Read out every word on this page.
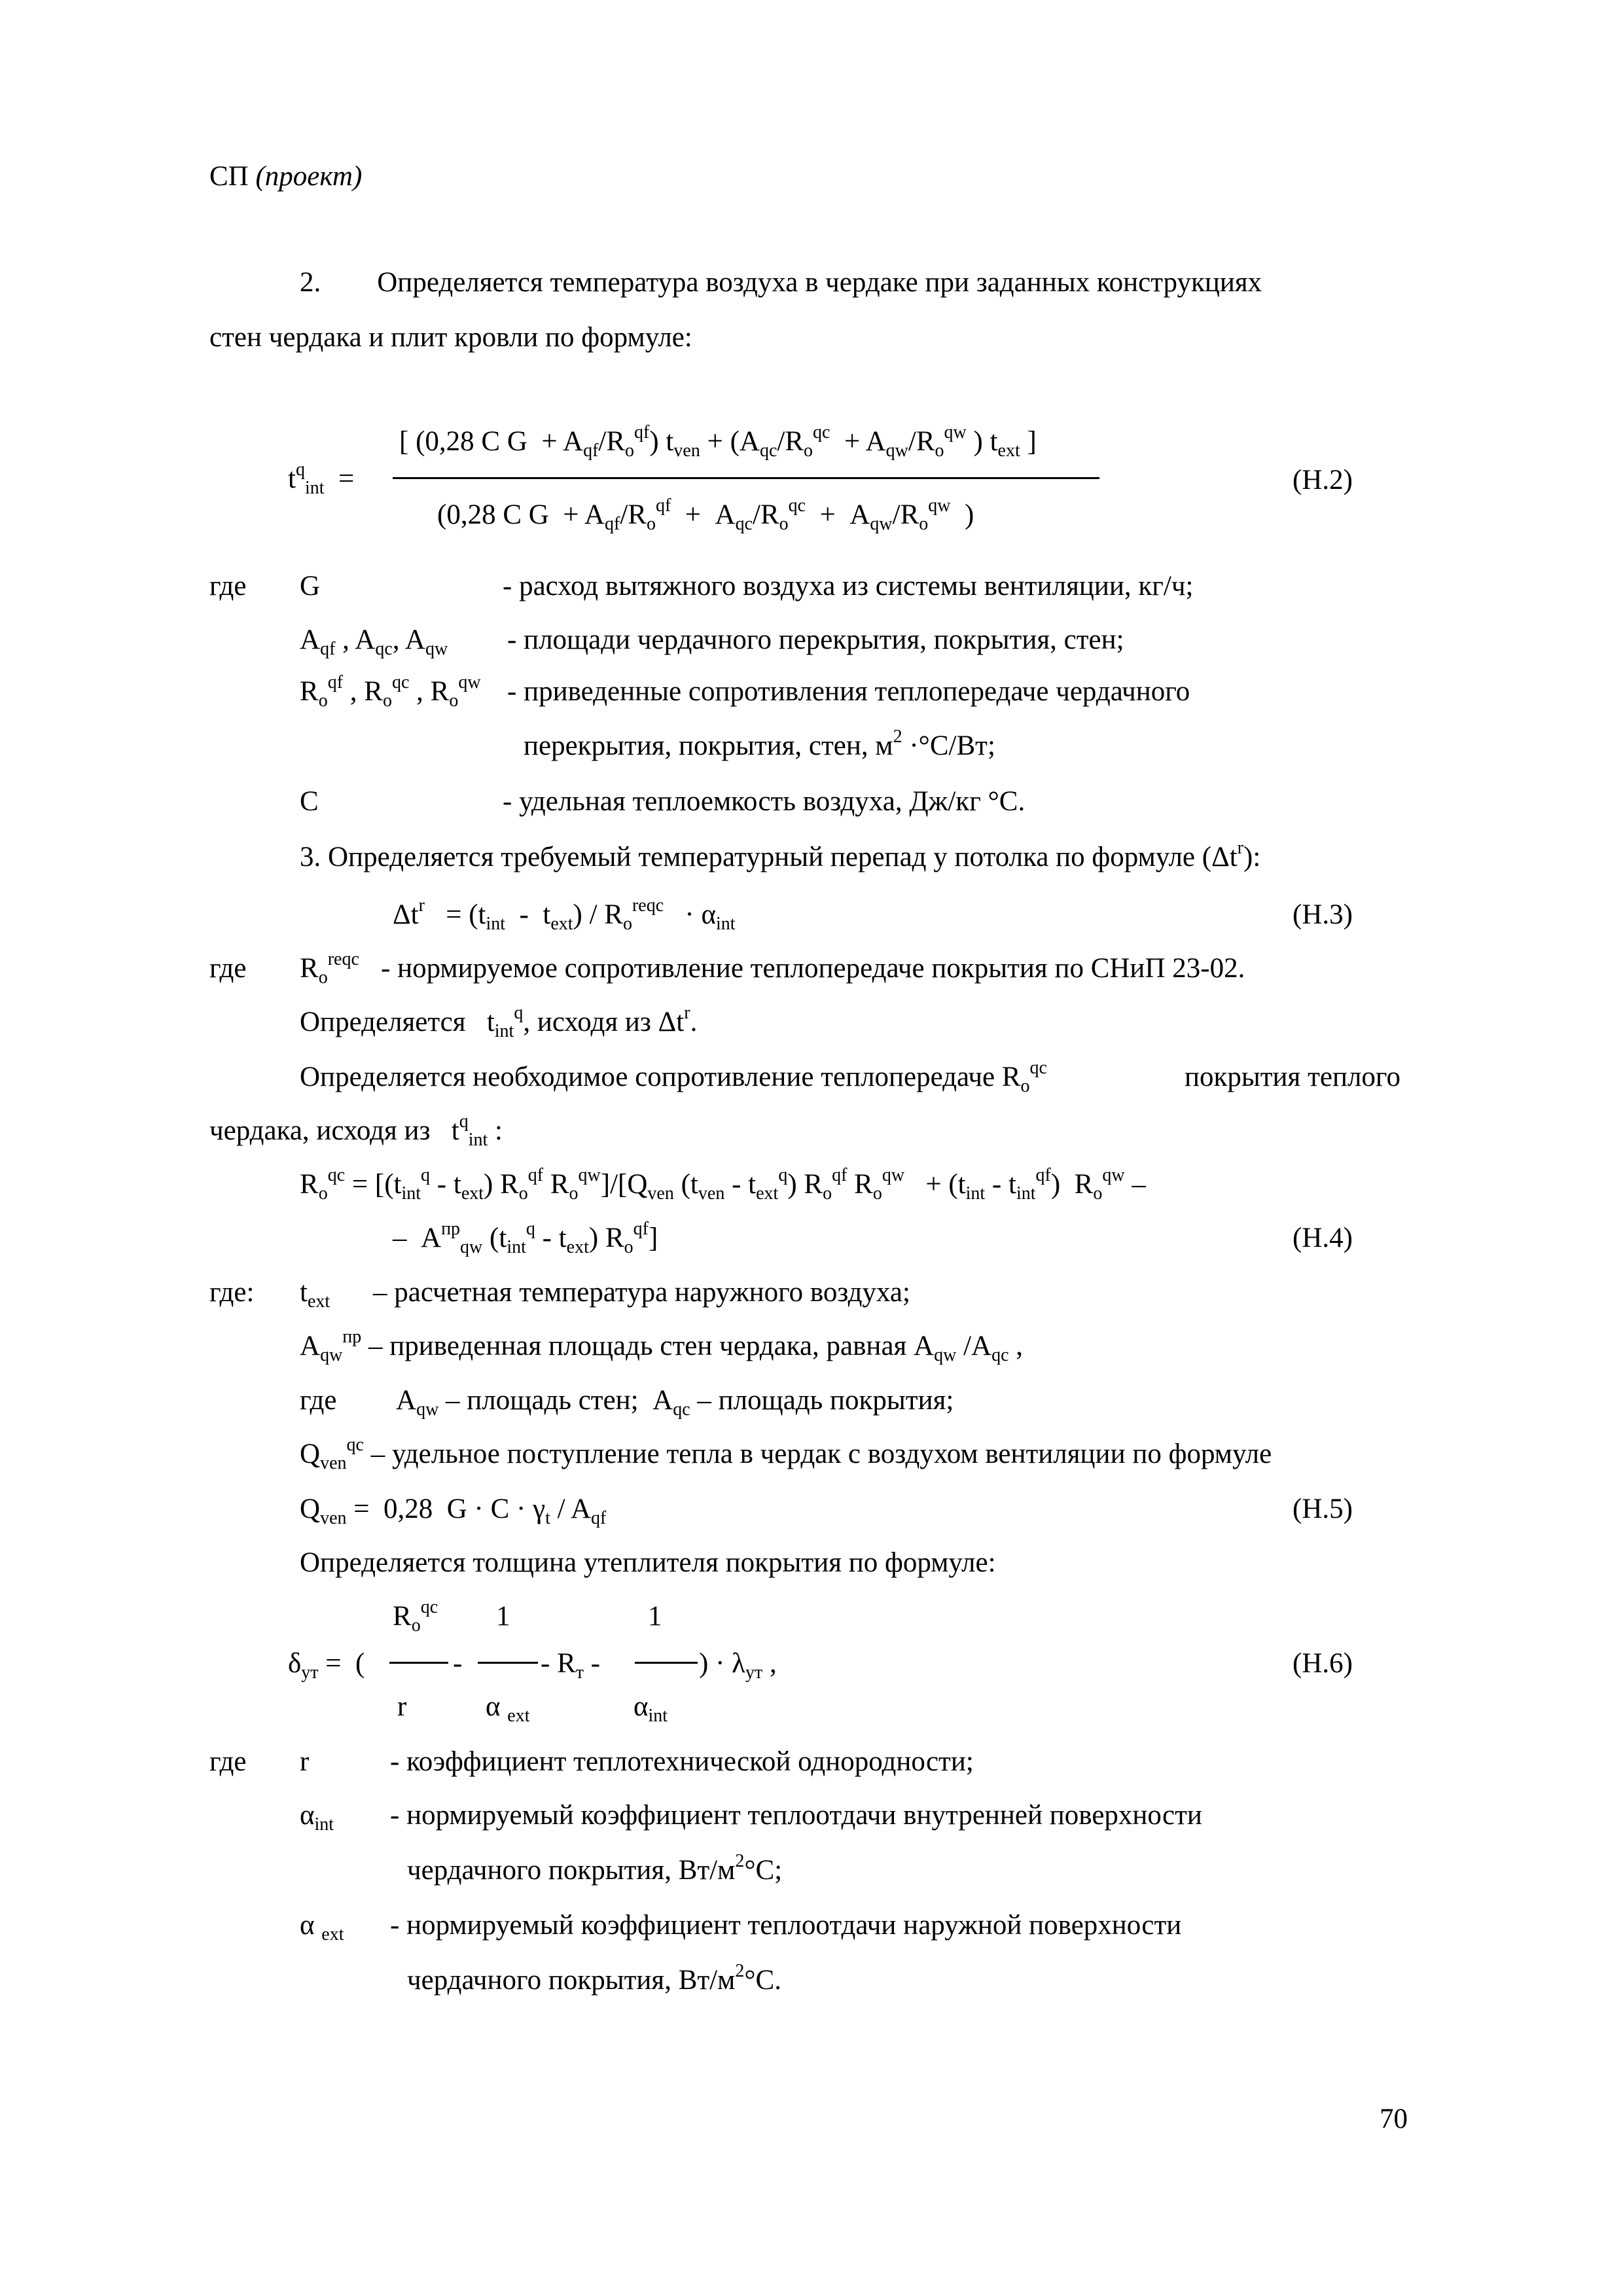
СП (проект)
2.  Определяется температура воздуха в чердаке при заданных конструкциях
стен чердака и плит кровли по формуле:
$t^q_{int}$  =
[ (0,28 C $G + A_{qf}/R_o^{qf}$) $t_{ven} + (A_{qc}/R_o^{qc} + A_{qw}/R_o^{qw}$ ) $t_{ext}$ ]
(0,28 C $G + A_{qf}/R_o^{qf} + A_{qc}/R_o^{qc} + A_{qw}/R_o^{qw}$  )
(Н.2)
где G	- расход вытяжного воздуха из системы вентиляции, кг/ч;
$A_{qf}$ , $A_{qc}$, $A_{qw}$ - площади чердачного перекрытия, покрытия, стен;
$R_o^{qf}$ , $R_o^{qc}$ , $R_o^{qw}$ - приведенные сопротивления теплопередаче чердачного
перекрытия, покрытия, стен, $м^2 \cdot^\circ С/Вт$;
C	- удельная теплоемкость воздуха, Дж/кг °С.
3. Определяется требуемый температурный перепад у потолка по формуле $(\Delta t^r)$:
$\Delta t^r = (t_{int} - t_{ext}) / R_o^{reqc} \cdot \alpha_{int}$	(Н.3)
где $R_o^{reqc}$ - нормируемое сопротивление теплопередаче покрытия по СНиП 23-02.
Определяется   $t_{int}^q$, исходя из $\Delta t^r$.
Определяется необходимое сопротивление теплопередаче $R_o^{qc}$	покрытия теплого
чердака, исходя из   $t^q_{int}$ :
$R_o^{qc} = [(t_{int}^q - t_{ext})$ $R_o^{qf}$ $R_o^{qw}]/[Q_{ven}$ $(t_{ven} - t_{ext}^q)$ $R_o^{qf}$ $R_o^{qw} + (t_{int} - t_{int}^{qf})$  $R_o^{qw}$ –
–  $A^{пр}_{qw}$ $(t_{int}^q - t_{ext})$ $R_o^{qf}$]	(Н.4)
где: $t_{ext}$ – расчетная температура наружного воздуха;
$A_{qw}^{пр}$ – приведенная площадь стен чердака, равная $A_{qw}$ $/A_{qc}$ ,
где $A_{qw}$ – площадь стен;  $A_{qc}$ – площадь покрытия;
$Q_{ven}^{qc}$ – удельное поступление тепла в чердак с воздухом вентиляции по формуле
$Q_{ven} = 0,28$  $G \cdot C \cdot \gamma_t / A_{qf}$	(Н.5)
Определяется толщина утеплителя покрытия по формуле:
$R_o^{qc}$ 1	1
$\delta_{ут}$ =  (	-	- $R_т$ -	) · $\lambda_{ут}$ ,
r	α $_{ext}$	$\alpha_{int}$
(Н.6)
где r	- коэффициент теплотехнической однородности;
$\alpha_{int}$ - нормируемый коэффициент теплоотдачи внутренней поверхности
чердачного покрытия, $Вт/м^2^\circ С$;
α $_{ext}$ - нормируемый коэффициент теплоотдачи наружной поверхности
чердачного покрытия, $Вт/м^2^\circ С$.
70
